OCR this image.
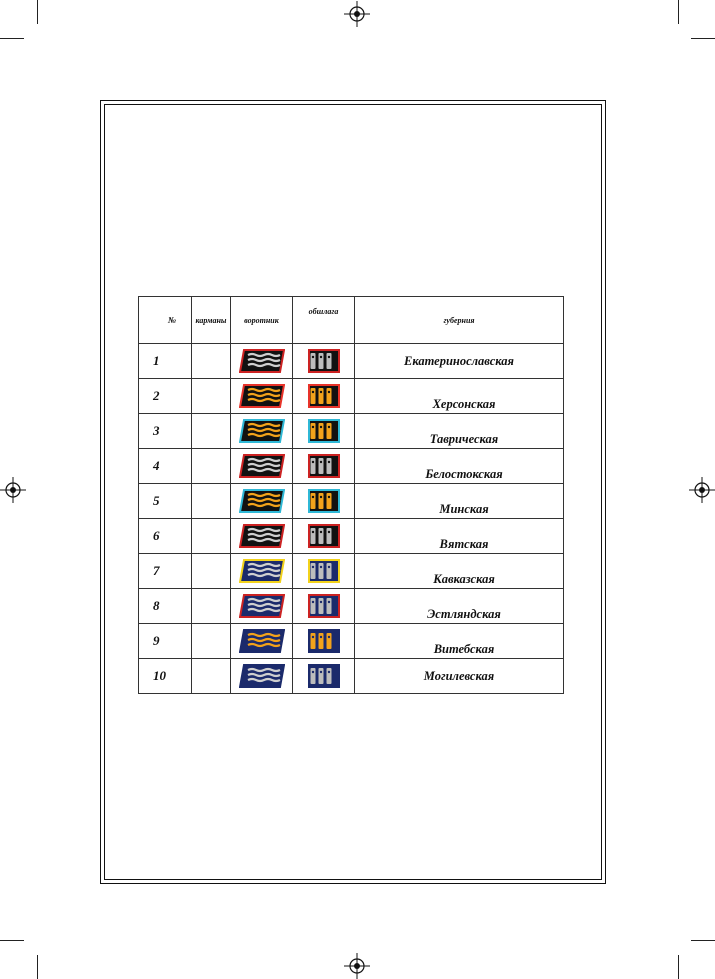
№	карманы	воротник	обшлага	губерния
1				Екатеринославская
2				Херсонская
3				Таврическая
4				Белостокская
5				Минская
6				Вятская
7				Кавказская
8				Эстляндская
9				Витебская
10				Могилевская
